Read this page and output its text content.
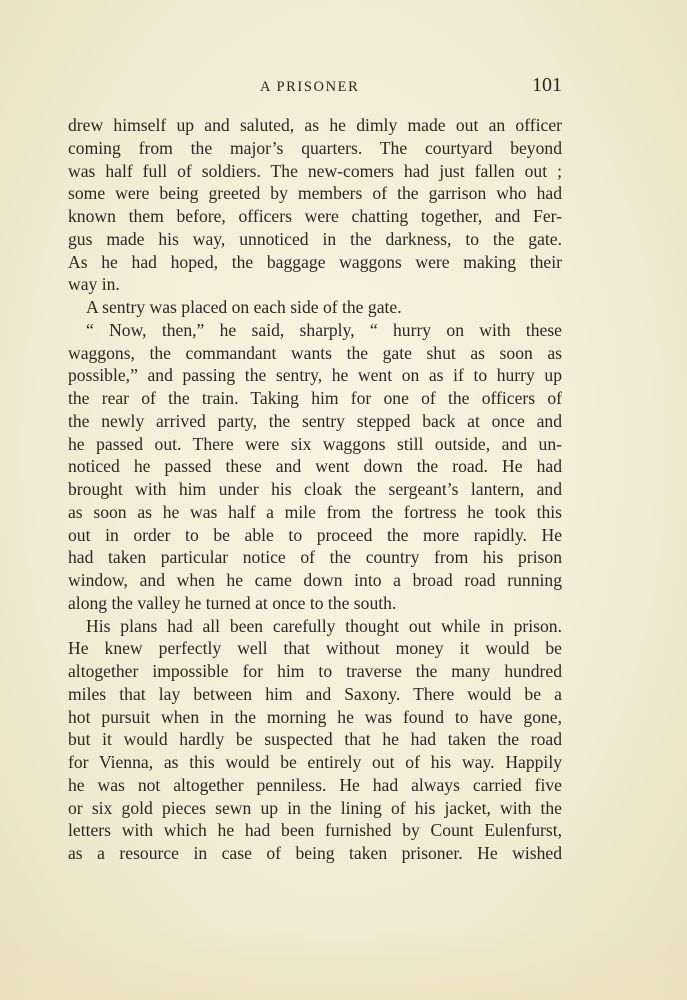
A PRISONER	101
drew himself up and saluted, as he dimly made out an officer
coming from the major’s quarters. The courtyard beyond
was half full of soldiers. The new-comers had just fallen out ;
some were being greeted by members of the garrison who had
known them before, officers were chatting together, and Fer-
gus made his way, unnoticed in the darkness, to the gate.
As he had hoped, the baggage waggons were making their
way in.
A sentry was placed on each side of the gate.
“ Now, then,” he said, sharply, “ hurry on with these
waggons, the commandant wants the gate shut as soon as
possible,” and passing the sentry, he went on as if to hurry up
the rear of the train. Taking him for one of the officers of
the newly arrived party, the sentry stepped back at once and
he passed out. There were six waggons still outside, and un-
noticed he passed these and went down the road. He had
brought with him under his cloak the sergeant’s lantern, and
as soon as he was half a mile from the fortress he took this
out in order to be able to proceed the more rapidly. He
had taken particular notice of the country from his prison
window, and when he came down into a broad road running
along the valley he turned at once to the south.
His plans had all been carefully thought out while in prison.
He knew perfectly well that without money it would be
altogether impossible for him to traverse the many hundred
miles that lay between him and Saxony. There would be a
hot pursuit when in the morning he was found to have gone,
but it would hardly be suspected that he had taken the road
for Vienna, as this would be entirely out of his way. Happily
he was not altogether penniless. He had always carried five
or six gold pieces sewn up in the lining of his jacket, with the
letters with which he had been furnished by Count Eulenfurst,
as a resource in case of being taken prisoner. He wished
